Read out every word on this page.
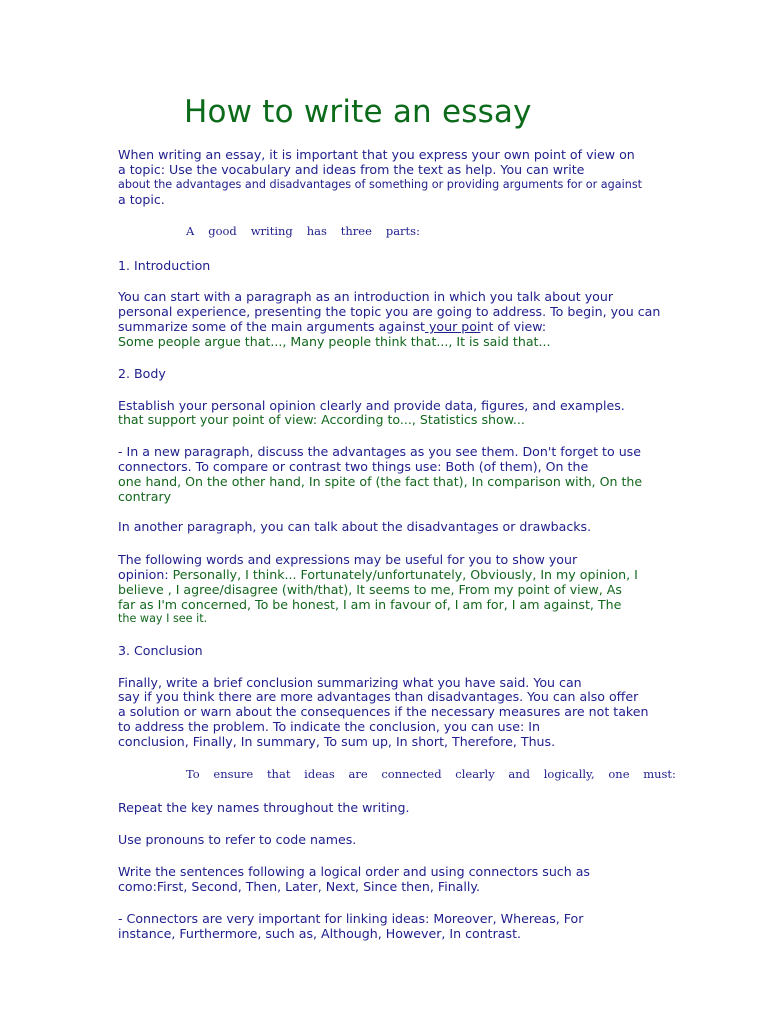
How to write an essay
When writing an essay, it is important that you express your own point of view on
a topic: Use the vocabulary and ideas from the text as help. You can write
about the advantages and disadvantages of something or providing arguments for or against
a topic.
A good writing has three parts:
1. Introduction
You can start with a paragraph as an introduction in which you talk about your
personal experience, presenting the topic you are going to address. To begin, you can
summarize some of the main arguments against your point of view:
Some people argue that..., Many people think that..., It is said that...
2. Body
Establish your personal opinion clearly and provide data, figures, and examples.
that support your point of view: According to..., Statistics show...
- In a new paragraph, discuss the advantages as you see them. Don't forget to use
connectors. To compare or contrast two things use: Both (of them), On the
one hand, On the other hand, In spite of (the fact that), In comparison with, On the
contrary
In another paragraph, you can talk about the disadvantages or drawbacks.
The following words and expressions may be useful for you to show your
opinion: Personally, I think... Fortunately/unfortunately, Obviously, In my opinion, I
believe , I agree/disagree (with/that), It seems to me, From my point of view, As
far as I'm concerned, To be honest, I am in favour of, I am for, I am against, The
the way I see it.
3. Conclusion
Finally, write a brief conclusion summarizing what you have said. You can
say if you think there are more advantages than disadvantages. You can also offer
a solution or warn about the consequences if the necessary measures are not taken
to address the problem. To indicate the conclusion, you can use: In
conclusion, Finally, In summary, To sum up, In short, Therefore, Thus.
To ensure that ideas are connected clearly and logically, one must:
Repeat the key names throughout the writing.
Use pronouns to refer to code names.
Write the sentences following a logical order and using connectors such as
como:First, Second, Then, Later, Next, Since then, Finally.
- Connectors are very important for linking ideas: Moreover, Whereas, For
instance, Furthermore, such as, Although, However, In contrast.
